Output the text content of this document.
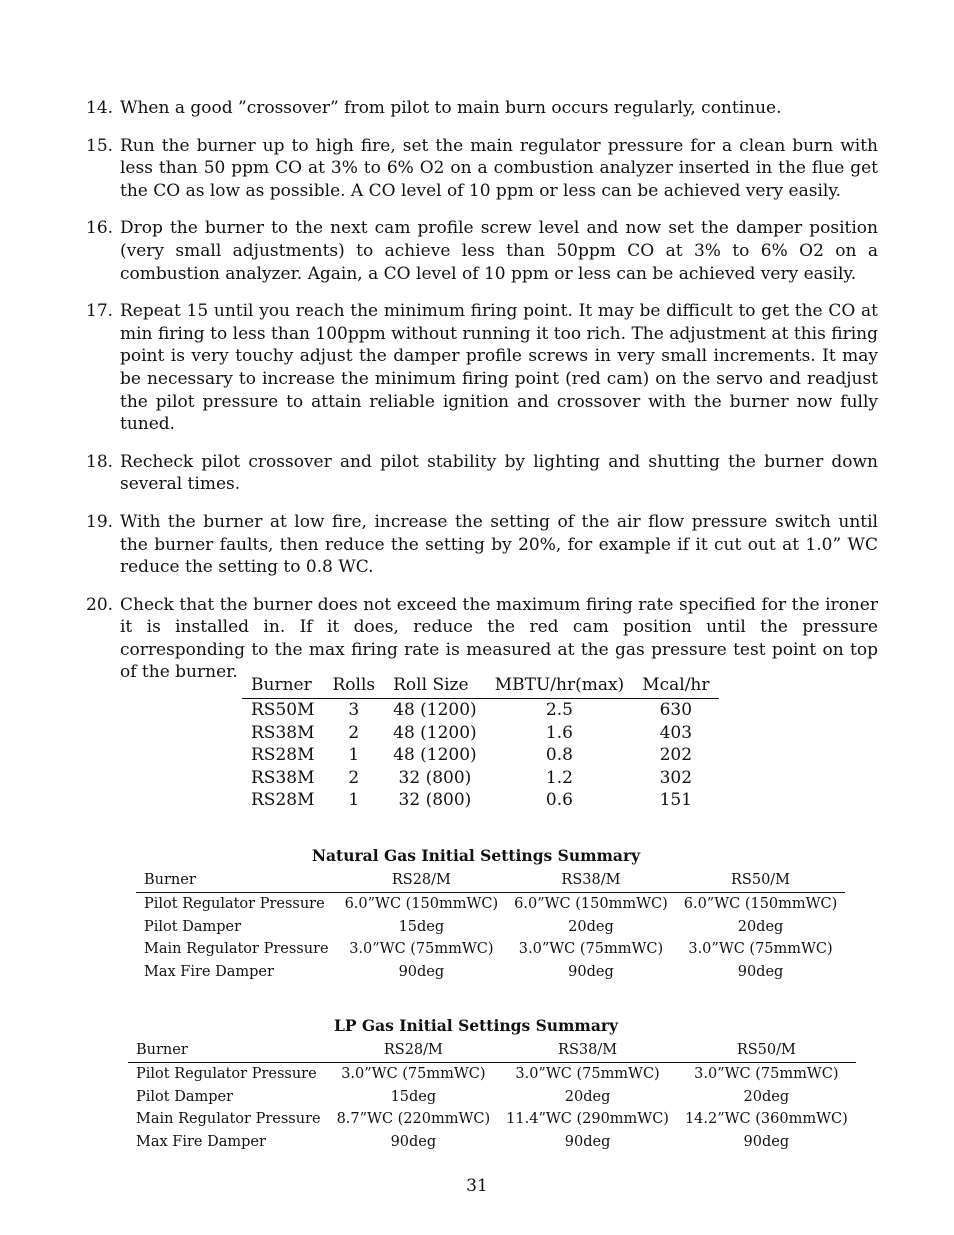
14. When a good ”crossover” from pilot to main burn occurs regularly, continue.
15. Run the burner up to high fire, set the main regulator pressure for a clean burn with less than 50 ppm CO at 3% to 6% O2 on a combustion analyzer inserted in the flue get the CO as low as possible. A CO level of 10 ppm or less can be achieved very easily.
16. Drop the burner to the next cam profile screw level and now set the damper position (very small adjustments) to achieve less than 50ppm CO at 3% to 6% O2 on a combustion analyzer. Again, a CO level of 10 ppm or less can be achieved very easily.
17. Repeat 15 until you reach the minimum firing point. It may be difficult to get the CO at min firing to less than 100ppm without running it too rich. The adjustment at this firing point is very touchy adjust the damper profile screws in very small increments. It may be necessary to increase the minimum firing point (red cam) on the servo and readjust the pilot pressure to attain reliable ignition and crossover with the burner now fully tuned.
18. Recheck pilot crossover and pilot stability by lighting and shutting the burner down several times.
19. With the burner at low fire, increase the setting of the air flow pressure switch until the burner faults, then reduce the setting by 20%, for example if it cut out at 1.0” WC reduce the setting to 0.8 WC.
20. Check that the burner does not exceed the maximum firing rate specified for the ironer it is installed in. If it does, reduce the red cam position until the pressure corresponding to the max firing rate is measured at the gas pressure test point on top of the burner.
Burner	Rolls	Roll Size	MBTU/hr(max)	Mcal/hr
RS50M	3	48 (1200)	2.5	630
RS38M	2	48 (1200)	1.6	403
RS28M	1	48 (1200)	0.8	202
RS38M	2	32 (800)	1.2	302
RS28M	1	32 (800)	0.6	151
Natural Gas Initial Settings Summary
Burner	RS28/M	RS38/M	RS50/M
Pilot Regulator Pressure	6.0”WC (150mmWC)	6.0”WC (150mmWC)	6.0”WC (150mmWC)
Pilot Damper	15deg	20deg	20deg
Main Regulator Pressure	3.0”WC (75mmWC)	3.0”WC (75mmWC)	3.0”WC (75mmWC)
Max Fire Damper	90deg	90deg	90deg
LP Gas Initial Settings Summary
Burner	RS28/M	RS38/M	RS50/M
Pilot Regulator Pressure	3.0”WC (75mmWC)	3.0”WC (75mmWC)	3.0”WC (75mmWC)
Pilot Damper	15deg	20deg	20deg
Main Regulator Pressure	8.7”WC (220mmWC)	11.4”WC (290mmWC)	14.2”WC (360mmWC)
Max Fire Damper	90deg	90deg	90deg
31
